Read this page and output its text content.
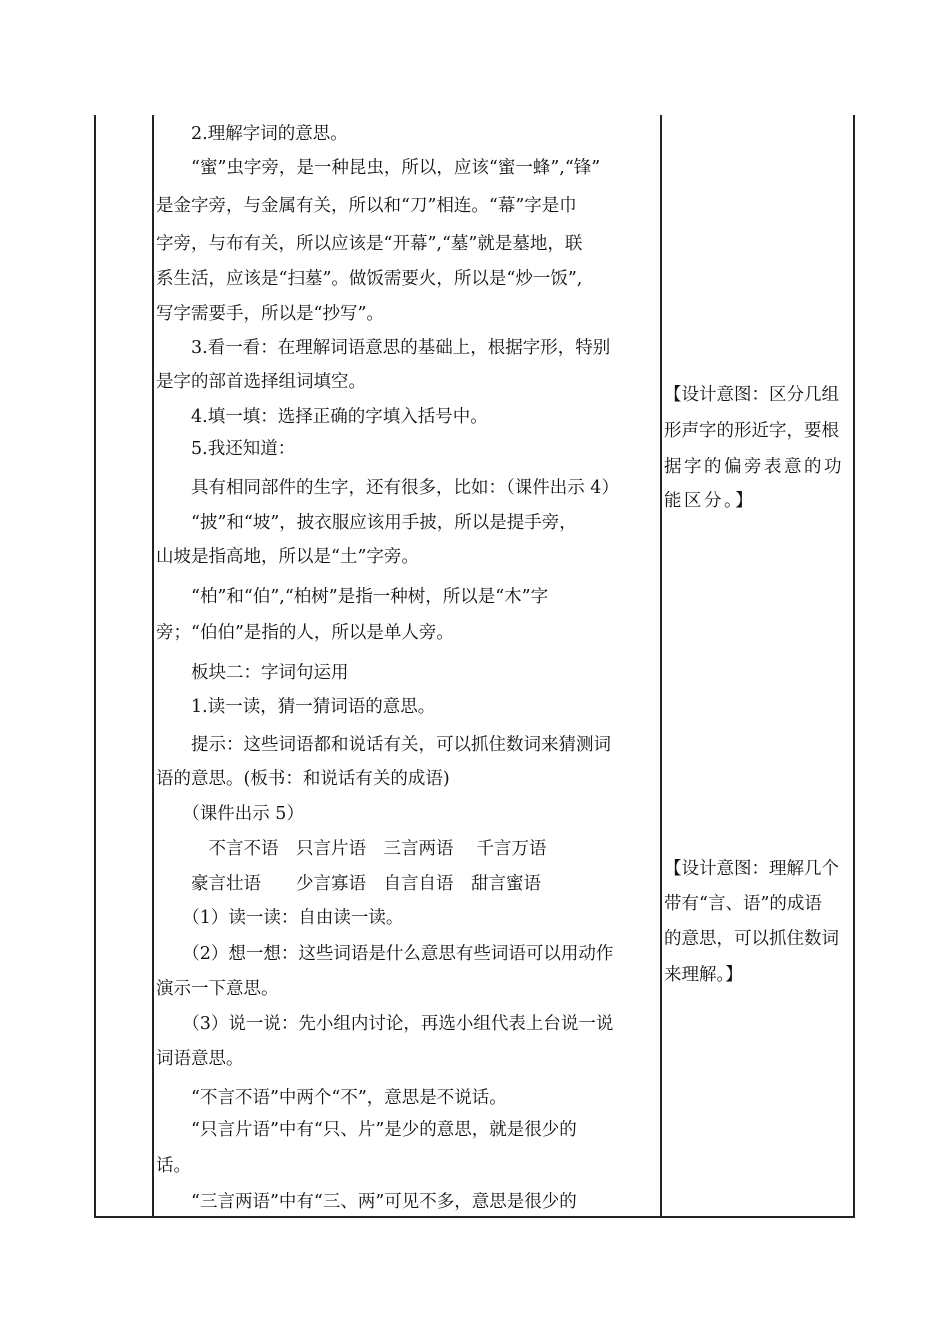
　　2.理解字词的意思。
　　“蜜”虫字旁，是一种昆虫，所以，应该“蜜一蜂”,“锋”
是金字旁，与金属有关，所以和“刀”相连。“幕”字是巾
字旁，与布有关，所以应该是“开幕”,“墓”就是墓地，联
系生活，应该是“扫墓”。做饭需要火，所以是“炒一饭”,
写字需要手，所以是“抄写”。
　　3.看一看：在理解词语意思的基础上，根据字形，特别
是字的部首选择组词填空。
　　4.填一填：选择正确的字填入括号中。
　　5.我还知道：
　　具有相同部件的生字，还有很多，比如：（课件出示 4）
　　“披”和“坡”，披衣服应该用手披，所以是提手旁，
山坡是指高地，所以是“土”字旁。
　　“柏”和“伯”,“柏树”是指一种树，所以是“木”字
旁；“伯伯”是指的人，所以是单人旁。
　　板块二：字词句运用
　　1.读一读，猜一猜词语的意思。
　　提示：这些词语都和说话有关，可以抓住数词来猜测词
语的意思。(板书：和说话有关的成语)
　　（课件出示 5）
　　　不言不语　只言片语　三言两语　 千言万语
　　豪言壮语　　少言寡语　自言自语　甜言蜜语
　　（1）读一读：自由读一读。
　　（2）想一想：这些词语是什么意思有些词语可以用动作
演示一下意思。
　　（3）说一说：先小组内讨论，再选小组代表上台说一说
词语意思。
　　“不言不语”中两个“不”，意思是不说话。
　　“只言片语”中有“只、片”是少的意思，就是很少的
话。
　　“三言两语”中有“三、两”可见不多，意思是很少的
【设计意图：区分几组
形声字的形近字，要根
据字的偏旁表意的功
能区分。】
【设计意图：理解几个
带有“言、语”的成语
的意思，可以抓住数词
来理解。】
